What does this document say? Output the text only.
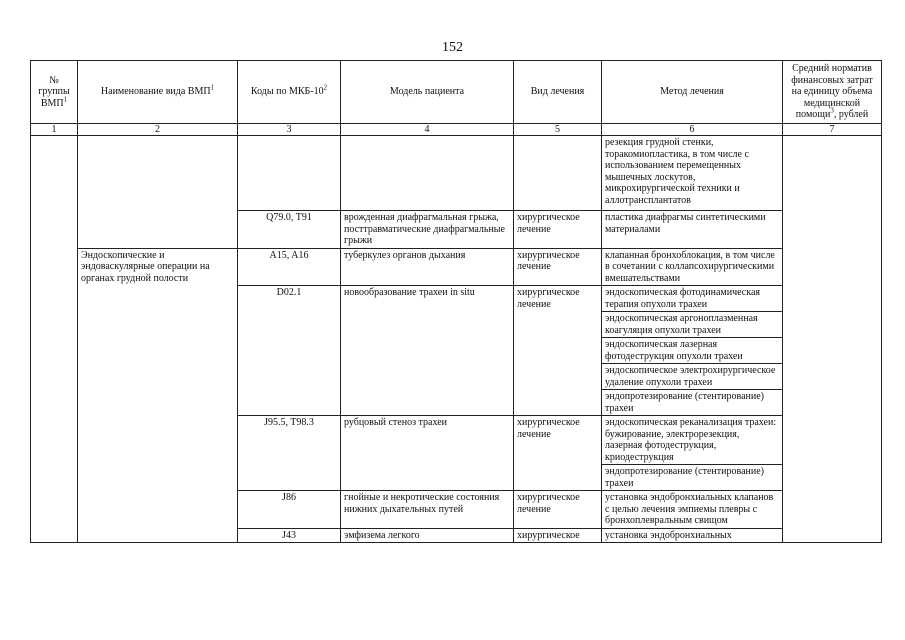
152
№ группы ВМП$^1$	Наименование вида ВМП$^1$	Коды по МКБ-$10^2$	Модель пациента	Вид лечения	Метод лечения	Средний норматив финансовых затрат на единицу объема медицинской помощи$^3$, рублей
1	2	3	4	5	6	7
					резекция грудной стенки, торакомиопластика, в том числе с использованием перемещенных мышечных лоскутов, микрохирургической техники и аллотрансплантатов	
		Q79.0, T91	врожденная диафрагмальная грыжа, посттравматические диафрагмальные грыжи	хирургическое лечение	пластика диафрагмы синтетическими материалами	
	Эндоскопические и эндоваскулярные операции на органах грудной полости	A15, A16	туберкулез органов дыхания	хирургическое лечение	клапанная бронхоблокация, в том числе в сочетании с коллапсохирургическими вмешательствами	
		D02.1	новообразование трахеи in situ	хирургическое лечение	эндоскопическая фотодинамическая терапия опухоли трахеи	
					эндоскопическая аргоноплазменная коагуляция опухоли трахеи	
					эндоскопическая лазерная фотодеструкция опухоли трахеи	
					эндоскопическое электрохирургическое удаление опухоли трахеи	
					эндопротезирование (стентирование) трахеи	
		J95.5, T98.3	рубцовый стеноз трахеи	хирургическое лечение	эндоскопическая реканализация трахеи: бужирование, электрорезекция, лазерная фотодеструкция, криодеструкция	
					эндопротезирование (стентирование) трахеи	
		J86	гнойные и некротические состояния нижних дыхательных путей	хирургическое лечение	установка эндобронхиальных клапанов с целью лечения эмпиемы плевры с бронхоплевральным свищом	
		J43	эмфизема легкого	хирургическое	установка эндобронхиальных	
